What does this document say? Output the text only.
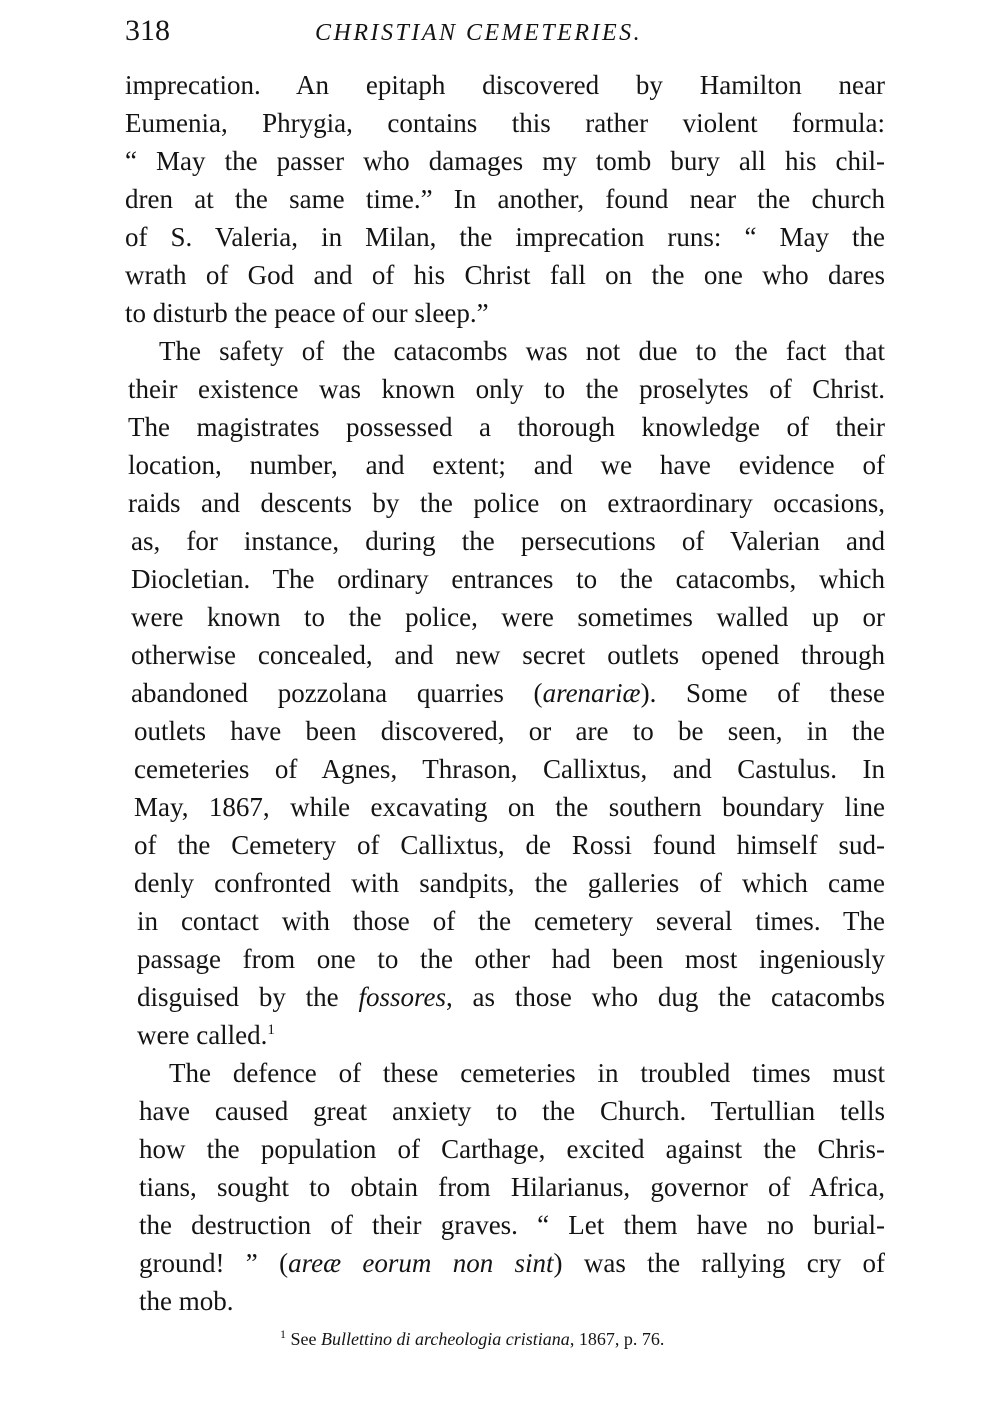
318	CHRISTIAN CEMETERIES.
imprecation. An epitaph discovered by Hamilton near
Eumenia, Phrygia, contains this rather violent formula:
“ May the passer who damages my tomb bury all his chil-
dren at the same time.” In another, found near the church
of S. Valeria, in Milan, the imprecation runs: “ May the
wrath of God and of his Christ fall on the one who dares
to disturb the peace of our sleep.”
The safety of the catacombs was not due to the fact that
their existence was known only to the proselytes of Christ.
The magistrates possessed a thorough knowledge of their
location, number, and extent; and we have evidence of
raids and descents by the police on extraordinary occasions,
as, for instance, during the persecutions of Valerian and
Diocletian. The ordinary entrances to the catacombs, which
were known to the police, were sometimes walled up or
otherwise concealed, and new secret outlets opened through
abandoned pozzolana quarries (arenariæ). Some of these
outlets have been discovered, or are to be seen, in the
cemeteries of Agnes, Thrason, Callixtus, and Castulus. In
May, 1867, while excavating on the southern boundary line
of the Cemetery of Callixtus, de Rossi found himself sud-
denly confronted with sandpits, the galleries of which came
in contact with those of the cemetery several times. The
passage from one to the other had been most ingeniously
disguised by the fossores, as those who dug the catacombs
were called.$^1$
The defence of these cemeteries in troubled times must
have caused great anxiety to the Church. Tertullian tells
how the population of Carthage, excited against the Chris-
tians, sought to obtain from Hilarianus, governor of Africa,
the destruction of their graves. “ Let them have no burial-
ground! ” (areæ eorum non sint) was the rallying cry of
the mob.
$^1$ See Bullettino di archeologia cristiana, 1867, p. 76.
